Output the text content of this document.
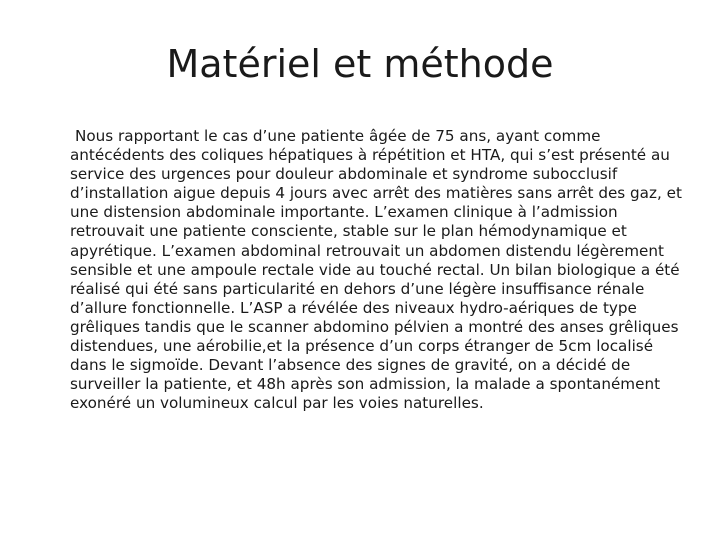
Matériel et méthode

Nous rapportant le cas d’une patiente âgée de 75 ans, ayant comme antécédents des coliques hépatiques à répétition et HTA, qui s’est présenté au service des urgences pour douleur abdominale et syndrome subocclusif d’installation aigue depuis 4 jours avec arrêt des matières sans arrêt des gaz, et une distension abdominale importante. L’examen clinique à l’admission retrouvait une patiente consciente, stable sur le plan hémodynamique et apyrétique. L’examen abdominal retrouvait un abdomen distendu légèrement sensible et une ampoule rectale vide au touché rectal. Un bilan biologique a été réalisé qui été sans particularité en dehors d’une légère insuffisance rénale d’allure fonctionnelle. L’ASP a révélée des niveaux hydro-aériques de type grêliques tandis que le scanner abdomino pélvien a montré des anses grêliques distendues, une aérobilie,et la présence d’un corps étranger de 5cm localisé dans le sigmoïde. Devant l’absence des signes de gravité, on a décidé de surveiller la patiente, et 48h après son admission, la malade a spontanément exonéré un volumineux calcul par les voies naturelles.
